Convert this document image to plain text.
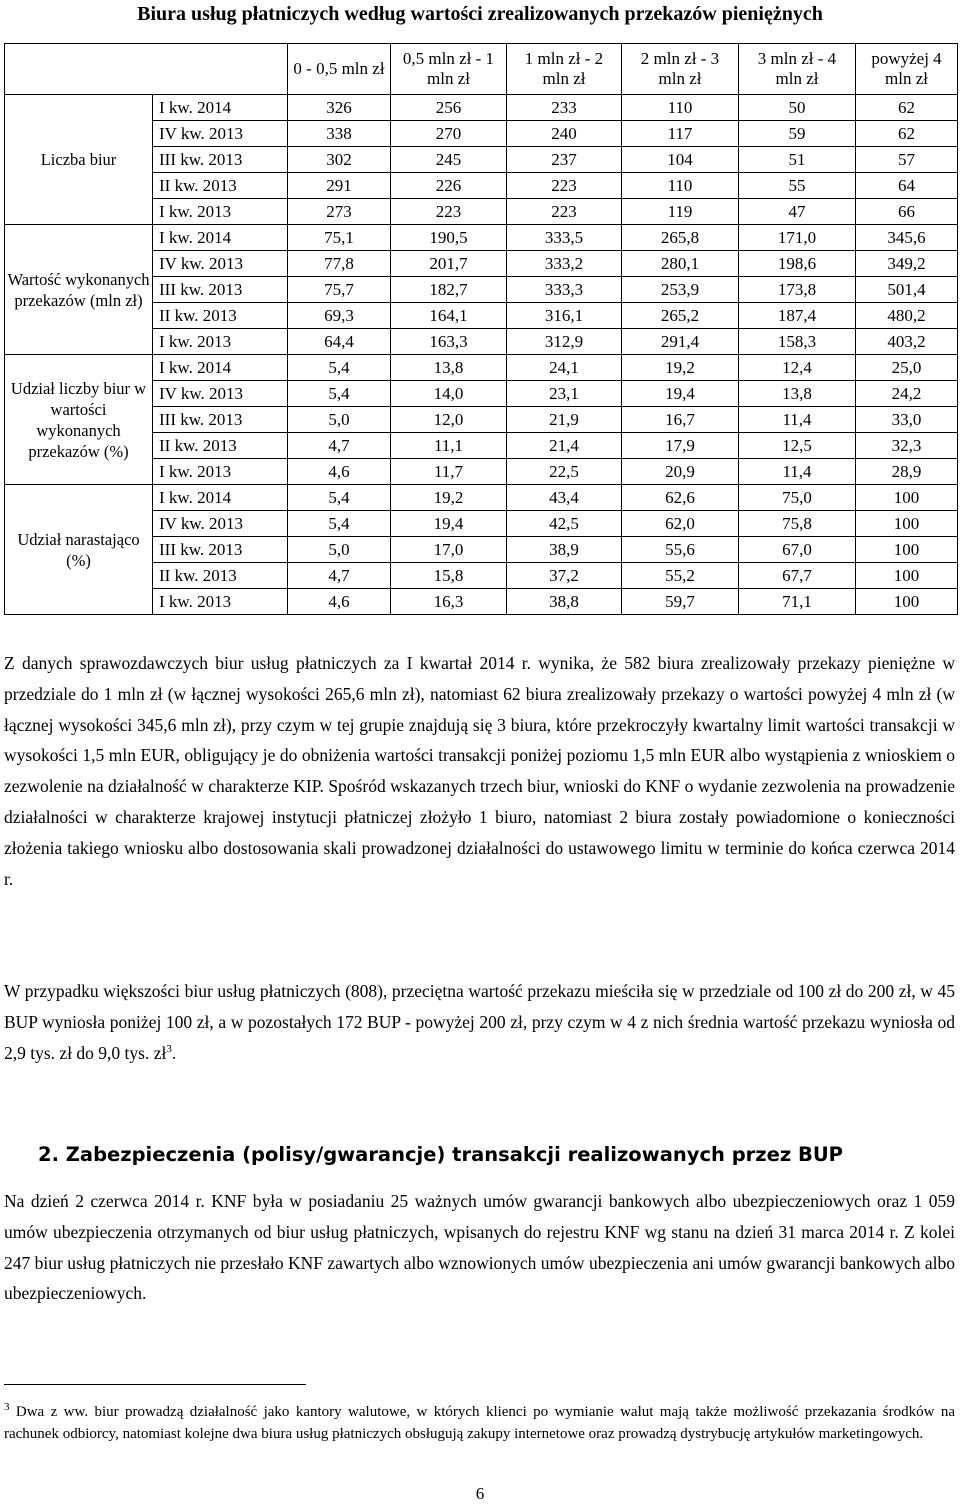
Biura usług płatniczych według wartości zrealizowanych przekazów pieniężnych
		0 - 0,5 mln zł	0,5 mln zł - 1 mln zł	1 mln zł - 2 mln zł	2 mln zł - 3 mln zł	3 mln zł - 4 mln zł	powyżej 4 mln zł
Liczba biur	I kw. 2014	326	256	233	110	50	62
	IV kw. 2013	338	270	240	117	59	62
	III kw. 2013	302	245	237	104	51	57
	II kw. 2013	291	226	223	110	55	64
	I kw. 2013	273	223	223	119	47	66
Wartość wykonanych przekazów (mln zł)	I kw. 2014	75,1	190,5	333,5	265,8	171,0	345,6
	IV kw. 2013	77,8	201,7	333,2	280,1	198,6	349,2
	III kw. 2013	75,7	182,7	333,3	253,9	173,8	501,4
	II kw. 2013	69,3	164,1	316,1	265,2	187,4	480,2
	I kw. 2013	64,4	163,3	312,9	291,4	158,3	403,2
Udział liczby biur w wartości wykonanych przekazów (%)	I kw. 2014	5,4	13,8	24,1	19,2	12,4	25,0
	IV kw. 2013	5,4	14,0	23,1	19,4	13,8	24,2
	III kw. 2013	5,0	12,0	21,9	16,7	11,4	33,0
	II kw. 2013	4,7	11,1	21,4	17,9	12,5	32,3
	I kw. 2013	4,6	11,7	22,5	20,9	11,4	28,9
Udział narastająco (%)	I kw. 2014	5,4	19,2	43,4	62,6	75,0	100
	IV kw. 2013	5,4	19,4	42,5	62,0	75,8	100
	III kw. 2013	5,0	17,0	38,9	55,6	67,0	100
	II kw. 2013	4,7	15,8	37,2	55,2	67,7	100
	I kw. 2013	4,6	16,3	38,8	59,7	71,1	100

Z danych sprawozdawczych biur usług płatniczych za I kwartał 2014 r. wynika, że 582 biura zrealizowały przekazy pieniężne w przedziale do 1 mln zł (w łącznej wysokości 265,6 mln zł), natomiast 62 biura zrealizowały przekazy o wartości powyżej 4 mln zł (w łącznej wysokości 345,6 mln zł), przy czym w tej grupie znajdują się 3 biura, które przekroczyły kwartalny limit wartości transakcji w wysokości 1,5 mln EUR, obligujący je do obniżenia wartości transakcji poniżej poziomu 1,5 mln EUR albo wystąpienia z wnioskiem o zezwolenie na działalność w charakterze KIP. Spośród wskazanych trzech biur, wnioski do KNF o wydanie zezwolenia na prowadzenie działalności w charakterze krajowej instytucji płatniczej złożyło 1 biuro, natomiast 2 biura zostały powiadomione o konieczności złożenia takiego wniosku albo dostosowania skali prowadzonej działalności do ustawowego limitu w terminie do końca czerwca 2014 r.

W przypadku większości biur usług płatniczych (808), przeciętna wartość przekazu mieściła się w przedziale od 100 zł do 200 zł, w 45 BUP wyniosła poniżej 100 zł, a w pozostałych 172 BUP - powyżej 200 zł, przy czym w 4 z nich średnia wartość przekazu wyniosła od 2,9 tys. zł do 9,0 tys. zł$^3$.

2. Zabezpieczenia (polisy/gwarancje) transakcji realizowanych przez BUP

Na dzień 2 czerwca 2014 r. KNF była w posiadaniu 25 ważnych umów gwarancji bankowych albo ubezpieczeniowych oraz 1 059 umów ubezpieczenia otrzymanych od biur usług płatniczych, wpisanych do rejestru KNF wg stanu na dzień 31 marca 2014 r. Z kolei 247 biur usług płatniczych nie przesłało KNF zawartych albo wznowionych umów ubezpieczenia ani umów gwarancji bankowych albo ubezpieczeniowych.

$^3$ Dwa z ww. biur prowadzą działalność jako kantory walutowe, w których klienci po wymianie walut mają także możliwość przekazania środków na rachunek odbiorcy, natomiast kolejne dwa biura usług płatniczych obsługują zakupy internetowe oraz prowadzą dystrybucję artykułów marketingowych.

6
